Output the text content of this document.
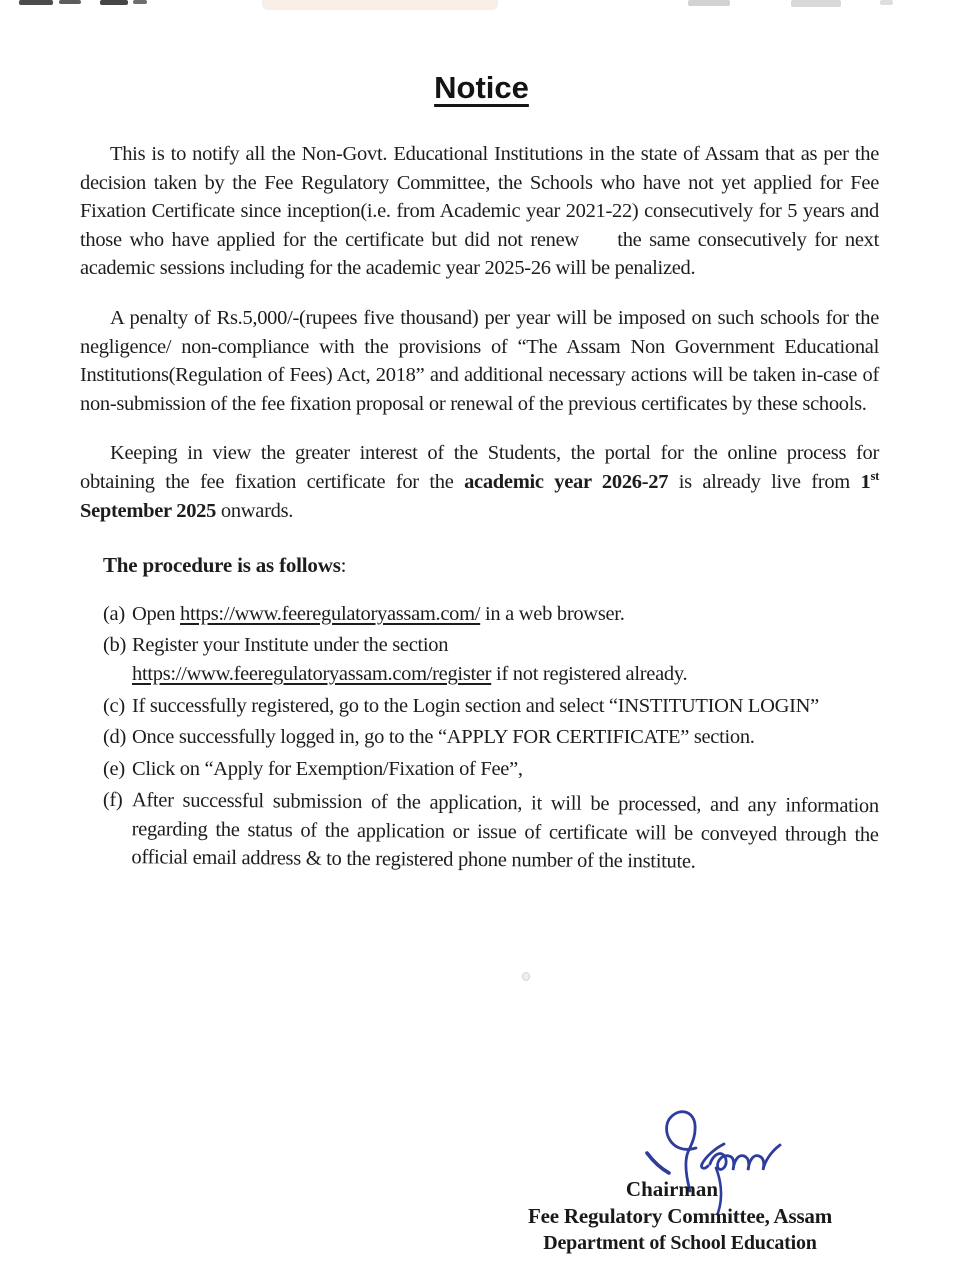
Notice

This is to notify all the Non-Govt. Educational Institutions in the state of Assam that as per the decision taken by the Fee Regulatory Committee, the Schools who have not yet applied for Fee Fixation Certificate since inception(i.e. from Academic year 2021-22) consecutively for 5 years and those who have applied for the certificate but did not renew     the same consecutively for next academic sessions including for the academic year 2025-26 will be penalized.

A penalty of Rs.5,000/-(rupees five thousand) per year will be imposed on such schools for the negligence/ non-compliance with the provisions of “The Assam Non Government Educational Institutions(Regulation of Fees) Act, 2018” and additional necessary actions will be taken in-case of non-submission of the fee fixation proposal or renewal of the previous certificates by these schools.

Keeping in view the greater interest of the Students, the portal for the online process for obtaining the fee fixation certificate for the academic year 2026-27 is already live from 1st September 2025 onwards.

The procedure is as follows:

(a) Open https://www.feeregulatoryassam.com/ in a web browser.
(b) Register your Institute under the section
https://www.feeregulatoryassam.com/register if not registered already.
(c) If successfully registered, go to the Login section and select “INSTITUTION LOGIN”
(d) Once successfully logged in, go to the “APPLY FOR CERTIFICATE” section.
(e) Click on “Apply for Exemption/Fixation of Fee”,
(f) After successful submission of the application, it will be processed, and any information regarding the status of the application or issue of certificate will be conveyed through the official email address & to the registered phone number of the institute.
Chairman
Fee Regulatory Committee, Assam
Department of School Education
